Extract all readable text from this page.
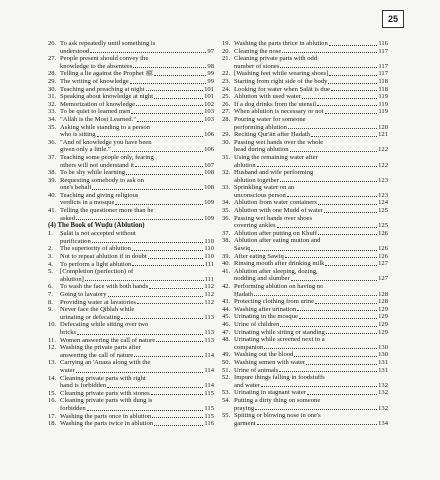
25
26. To ask repeatedly until something is
understood	97
27. People present should convey the
knowledge to the absentees	98
28. Telling a lie against the Prophet ﷺ	99
29. The writing of knowledge	99
30. Teaching and preaching at night	101
31. Speaking about knowledge at night	101
32. Memorization of knowledge	102
33. To be quiet to learned men	103
34. "Allāh is the Most Learned."	103
35. Asking while standing to a person
who is sitting	106
36. "And of knowledge you have been
given only a little."	106
37. Teaching some people only, fearing
others will not understand it	107
38. To be shy while learning	108
39. Requesting somebody to ask on
one's behalf	108
40. Teaching and giving religious
verdicts in a mosque	109
41. Telling the questioner more than he
asked	109
(4) The Book of Wuḍu (Ablution)
1.	Ṣalāt is not accepted without
purification	110
2.	The superiority of ablution	110
3.	Not to repeat ablution if in doubt	110
4.	To perform a light ablution	111
5.	[Completion (perfection) of
ablution]	111
6.	To wash the face with both hands	112
7.	Going to lavatory	112
8.	Providing water at lavatories	112
9.	Never face the Qiblah while
urinating or defecating	113
10. Defecating while sitting over two
bricks	113
11. Women answering the call of nature	113
12. Washing the private parts after
answering the call of nature	114
13. Carrying an 'Anaza along with the
water	114
14. Cleaning private parts with right
hand is forbidden	114
15. Cleaning private parts with stones	115
16. Cleaning private parts with dung is
forbidden	115
17. Washing the parts once in ablution	115
18. Washing the parts twice in ablution	116
19. Washing the parts thrice in ablution	116
20. Cleaning the nose	117
21. Cleaning private parts with odd
number of stones	117
22. [Washing feet while wearing shoes]	117
23. Starting from right side of the body	118
24. Looking for water when Ṣalāt is due	118
25. Ablution with used water	119
26. If a dog drinks from the utensil	119
27. When ablution is necessary or not	119
28. Pouring water for someone
performing ablution	120
29. Reciting Qur'ān after Ḥadath	121
30. Passing wet hands over the whole
head during ablution	122
31. Using the remaining water after
ablution	122
32. Husband and wife performing
ablution together	123
33. Sprinkling water on an
unconscious person	123
34. Ablution from water containers	124
35. Ablution with one Mudd of water	125
36. Passing wet hands over shoes
covering ankles	125
37. Ablution after putting on Khuff	126
38. Ablution after eating mutton and
Sawīq	126
39. After eating Sawīq	126
40. Rinsing mouth after drinking milk	127
41. Ablution after sleeping, dozing,
nodding and slumber	127
42. Performing ablution on having no
Ḥadath	128
43. Protecting clothing from urine	128
44. Washing after urination	129
45. Urinating in the mosque	129
46. Urine of children	129
47. Urinating while sitting or standing	129
48. Urinating while screened next to a
companion	130
49. Washing out the blood	130
50. Washing semen with water	131
51. Urine of animals	131
52. Impure things falling in foodstuffs
and water	132
53. Urinating in stagnant water	132
54. Putting a dirty thing on someone
praying	132
55. Spitting or blowing nose in one's
garment	134
